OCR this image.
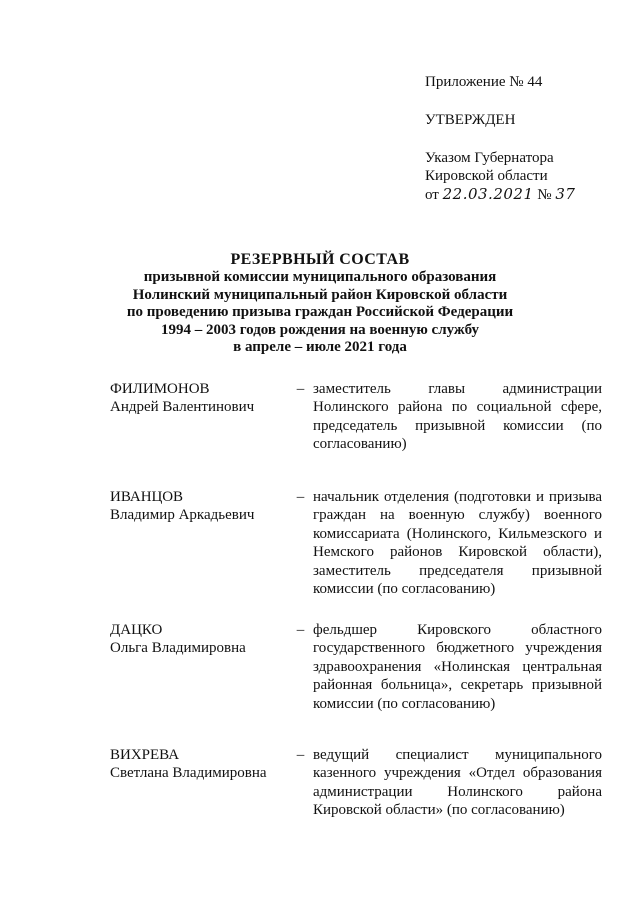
Приложение № 44
УТВЕРЖДЕН
Указом Губернатора
Кировской области
от 22.03.2021 № 37
РЕЗЕРВНЫЙ СОСТАВ
призывной комиссии муниципального образования
Нолинский муниципальный район Кировской области
по проведению призыва граждан Российской Федерации
1994 – 2003 годов рождения на военную службу
в апреле – июле 2021 года
ФИЛИМОНОВ
Андрей Валентинович
– заместитель главы администрации Нолинского района по социальной сфере, председатель призывной комиссии (по согласованию)
ИВАНЦОВ
Владимир Аркадьевич
– начальник отделения (подготовки и призыва граждан на военную службу) военного комиссариата (Нолинского, Кильмезского и Немского районов Кировской области), заместитель председателя призывной комиссии (по согласованию)
ДАЦКО
Ольга Владимировна
– фельдшер Кировского областного государственного бюджетного учреждения здравоохранения «Нолинская центральная районная больница», секретарь призывной комиссии (по согласованию)
ВИХРЕВА
Светлана Владимировна
– ведущий специалист муниципального казенного учреждения «Отдел образования администрации Нолинского района Кировской области» (по согласованию)
